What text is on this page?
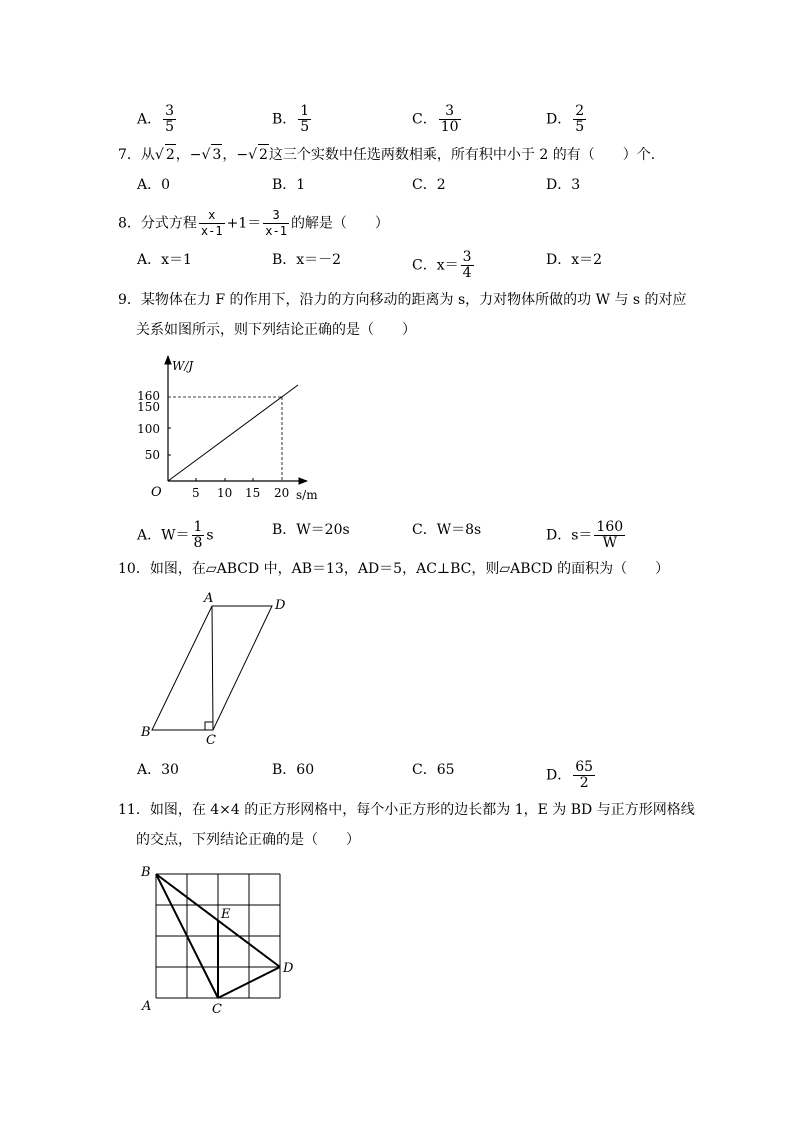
A． $\frac{3}{5}$	B． $\frac{1}{5}$	C． $\frac{3}{10}$	D． $\frac{2}{5}$
7．从√ 2，−√ 3，−√ 2这三个实数中任选两数相乘，所有积中小于 2 的有（　　）个．
A．0	B．1	C．2	D．3
8．分式方程 $\frac{x}{x-1} +1= \frac{3}{x-1}$ 的解是（　　）
A．x＝1	B．x＝－2	C．$x= \frac{3}{4}$	D．x＝2
9．某物体在力 F 的作用下，沿力的方向移动的距离为 s，力对物体所做的功 W 与 s 的对应
关系如图所示，则下列结论正确的是（　　）
W/J
s/m
O
160
150
100
50
5 10 15 20
A．$W= \frac{1}{8}$ s	B．W＝20s	C．W＝8s	D．$s= \frac{160}{W}$
10．如图，在▱ABCD 中，AB＝13，AD＝5，AC⊥BC，则▱ABCD 的面积为（　　）
A	D
B
C
A．30	B．60	C．65	D． $\frac{65}{2}$
11．如图，在 4×4 的正方形网格中，每个小正方形的边长都为 1，E 为 BD 与正方形网格线
的交点，下列结论正确的是（　　）
B
E
D
A	C
